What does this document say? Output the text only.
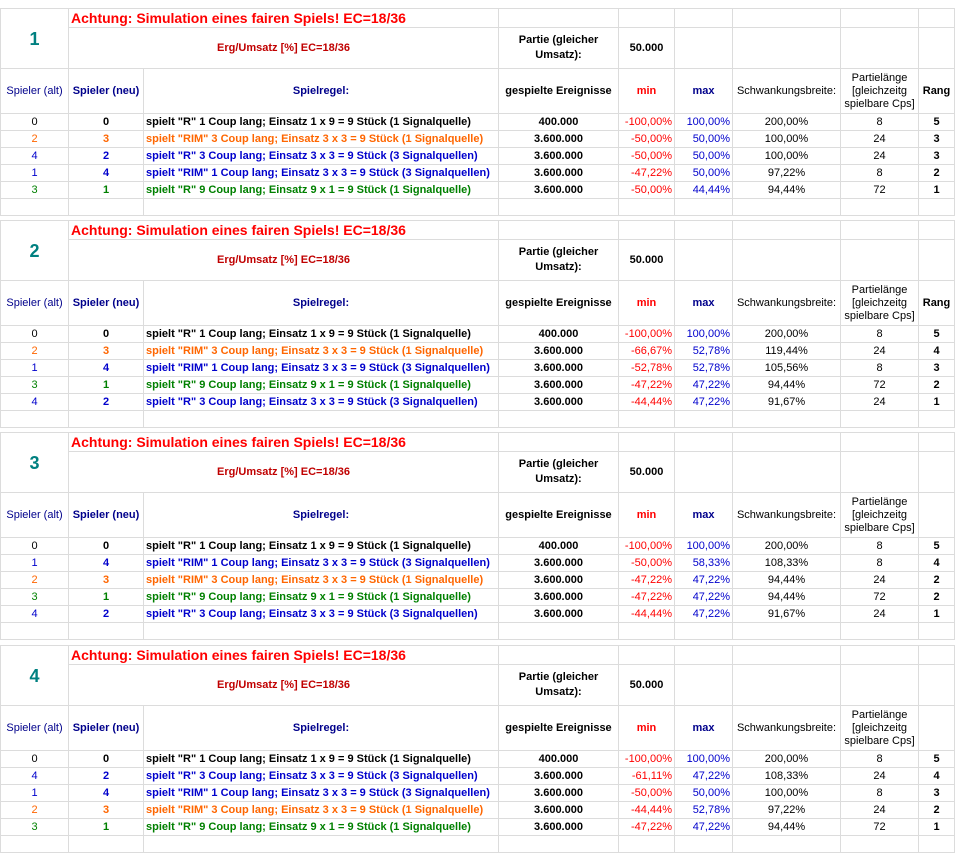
1	Achtung: Simulation eines fairen Spiels! EC=18/36							
	Erg/Umsatz [%] EC=18/36		Partie (gleicher Umsatz):	50.000				
Spieler (alt)	Spieler (neu)	Spielregel:	gespielte Ereignisse	min	max	Schwankungsbreite:	Partielänge [gleichzeitg spielbare Cps]	Rang
0	0	spielt "R" 1 Coup lang; Einsatz 1 x 9 = 9 Stück (1 Signalquelle)	400.000	-100,00%	100,00%	200,00%	8	5
2	3	spielt "RIM" 3 Coup lang; Einsatz 3 x 3 = 9 Stück (1 Signalquelle)	3.600.000	-50,00%	50,00%	100,00%	24	3
4	2	spielt "R" 3 Coup lang; Einsatz 3 x 3 = 9 Stück (3 Signalquellen)	3.600.000	-50,00%	50,00%	100,00%	24	3
1	4	spielt "RIM" 1 Coup lang; Einsatz 3 x 3 = 9 Stück (3 Signalquellen)	3.600.000	-47,22%	50,00%	97,22%	8	2
3	1	spielt "R" 9 Coup lang; Einsatz 9 x 1 = 9 Stück (1 Signalquelle)	3.600.000	-50,00%	44,44%	94,44%	72	1

2	Achtung: Simulation eines fairen Spiels! EC=18/36							
	Erg/Umsatz [%] EC=18/36		Partie (gleicher Umsatz):	50.000				
Spieler (alt)	Spieler (neu)	Spielregel:	gespielte Ereignisse	min	max	Schwankungsbreite:	Partielänge [gleichzeitg spielbare Cps]	Rang
0	0	spielt "R" 1 Coup lang; Einsatz 1 x 9 = 9 Stück (1 Signalquelle)	400.000	-100,00%	100,00%	200,00%	8	5
2	3	spielt "RIM" 3 Coup lang; Einsatz 3 x 3 = 9 Stück (1 Signalquelle)	3.600.000	-66,67%	52,78%	119,44%	24	4
1	4	spielt "RIM" 1 Coup lang; Einsatz 3 x 3 = 9 Stück (3 Signalquellen)	3.600.000	-52,78%	52,78%	105,56%	8	3
3	1	spielt "R" 9 Coup lang; Einsatz 9 x 1 = 9 Stück (1 Signalquelle)	3.600.000	-47,22%	47,22%	94,44%	72	2
4	2	spielt "R" 3 Coup lang; Einsatz 3 x 3 = 9 Stück (3 Signalquellen)	3.600.000	-44,44%	47,22%	91,67%	24	1

3	Achtung: Simulation eines fairen Spiels! EC=18/36							
	Erg/Umsatz [%] EC=18/36		Partie (gleicher Umsatz):	50.000				
Spieler (alt)	Spieler (neu)	Spielregel:	gespielte Ereignisse	min	max	Schwankungsbreite:	Partielänge [gleichzeitg spielbare Cps]	
0	0	spielt "R" 1 Coup lang; Einsatz 1 x 9 = 9 Stück (1 Signalquelle)	400.000	-100,00%	100,00%	200,00%	8	5
1	4	spielt "RIM" 1 Coup lang; Einsatz 3 x 3 = 9 Stück (3 Signalquellen)	3.600.000	-50,00%	58,33%	108,33%	8	4
2	3	spielt "RIM" 3 Coup lang; Einsatz 3 x 3 = 9 Stück (1 Signalquelle)	3.600.000	-47,22%	47,22%	94,44%	24	2
3	1	spielt "R" 9 Coup lang; Einsatz 9 x 1 = 9 Stück (1 Signalquelle)	3.600.000	-47,22%	47,22%	94,44%	72	2
4	2	spielt "R" 3 Coup lang; Einsatz 3 x 3 = 9 Stück (3 Signalquellen)	3.600.000	-44,44%	47,22%	91,67%	24	1

4	Achtung: Simulation eines fairen Spiels! EC=18/36							
	Erg/Umsatz [%] EC=18/36		Partie (gleicher Umsatz):	50.000				
Spieler (alt)	Spieler (neu)	Spielregel:	gespielte Ereignisse	min	max	Schwankungsbreite:	Partielänge [gleichzeitg spielbare Cps]	
0	0	spielt "R" 1 Coup lang; Einsatz 1 x 9 = 9 Stück (1 Signalquelle)	400.000	-100,00%	100,00%	200,00%	8	5
4	2	spielt "R" 3 Coup lang; Einsatz 3 x 3 = 9 Stück (3 Signalquellen)	3.600.000	-61,11%	47,22%	108,33%	24	4
1	4	spielt "RIM" 1 Coup lang; Einsatz 3 x 3 = 9 Stück (3 Signalquellen)	3.600.000	-50,00%	50,00%	100,00%	8	3
2	3	spielt "RIM" 3 Coup lang; Einsatz 3 x 3 = 9 Stück (1 Signalquelle)	3.600.000	-44,44%	52,78%	97,22%	24	2
3	1	spielt "R" 9 Coup lang; Einsatz 9 x 1 = 9 Stück (1 Signalquelle)	3.600.000	-47,22%	47,22%	94,44%	72	1
